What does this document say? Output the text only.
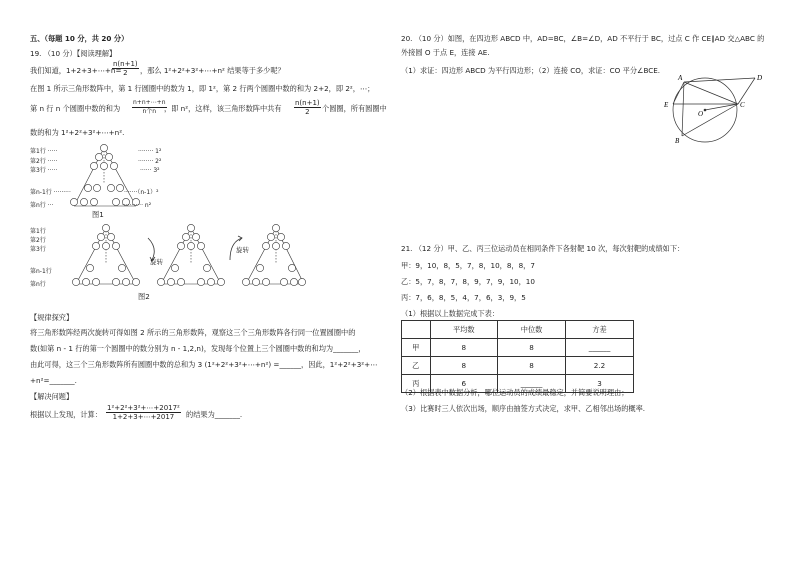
五、（每题 10 分，共 20 分）
19. （10 分）【阅读理解】
我们知道，1+2+3+⋯+n=
$\frac{n(n+1)}{2}$ ，那么 1²+2²+3²+⋯+n² 结果等于多少呢？
在图 1 所示三角形数阵中，第 1 行圆圈中的数为 1，即 1²，第 2 行两个圆圈中数的和为 2+2，即 2²，⋯；
第 n 行 n 个圆圈中数的和为
n+n+⋯+n
n个n	，即 n²，这样，该三角形数阵中共有 $\frac{n(n+1)}{2}$ 个圆圈，所有圆圈中
数的和为 1²+2²+3²+⋯+n².
第1行 ·····
第2行 ·····
第3行 ·····
第n-1行 ·········
第n行 ···
········ 1²
········ 2²
······ 3²
·······（n-1）²
··········· n²
图1
第1行
第2行
第3行
第n-1行
第n行
旋转
旋转
图2
【规律探究】
将三角形数阵经两次旋转可得如图 2 所示的三角形数阵，观察这三个三角形数阵各行同一位置圆圈中的
数(如第 n - 1 行的第一个圆圈中的数分别为 n - 1,2,n)，发现每个位置上三个圆圈中数的和均为_______，
由此可得，这三个三角形数阵所有圆圈中数的总和为 3 (1²+2²+3²+⋯+n²) =______，因此，1²+2²+3²+⋯
+n²=_______.
【解决问题】
根据以上发现，计算： $\frac{\text{1²+2²+3²+⋯+2017²}}{1+2+3+\cdots+2017}$ 的结果为_______.
20. （10 分）如图，在四边形 ABCD 中，AD=BC，∠B=∠D，AD 不平行于 BC，过点 C 作 CE∥AD 交△ABC 的
外接圆 O 于点 E，连接 AE.
（1）求证：四边形 ABCD 为平行四边形；（2）连接 CO，求证：CO 平分∠BCE.
A	D
E
O
C
B
21. （12 分）甲、乙、丙三位运动员在相同条件下各射靶 10 次，每次射靶的成绩如下：
甲：9，10，8，5，7，8，10，8，8，7
乙：5，7，8，7，8，9，7，9，10，10
丙：7，6，8，5，4，7，6，3，9，5
（1）根据以上数据完成下表：
	平均数	中位数	方差
甲	8	8	______
乙	8	8	2.2
丙	6	______	3
（2）根据表中数据分析，哪位运动员的成绩最稳定，并简要说明理由；
（3）比赛时三人依次出场，顺序由抽签方式决定，求甲、乙相邻出场的概率.
